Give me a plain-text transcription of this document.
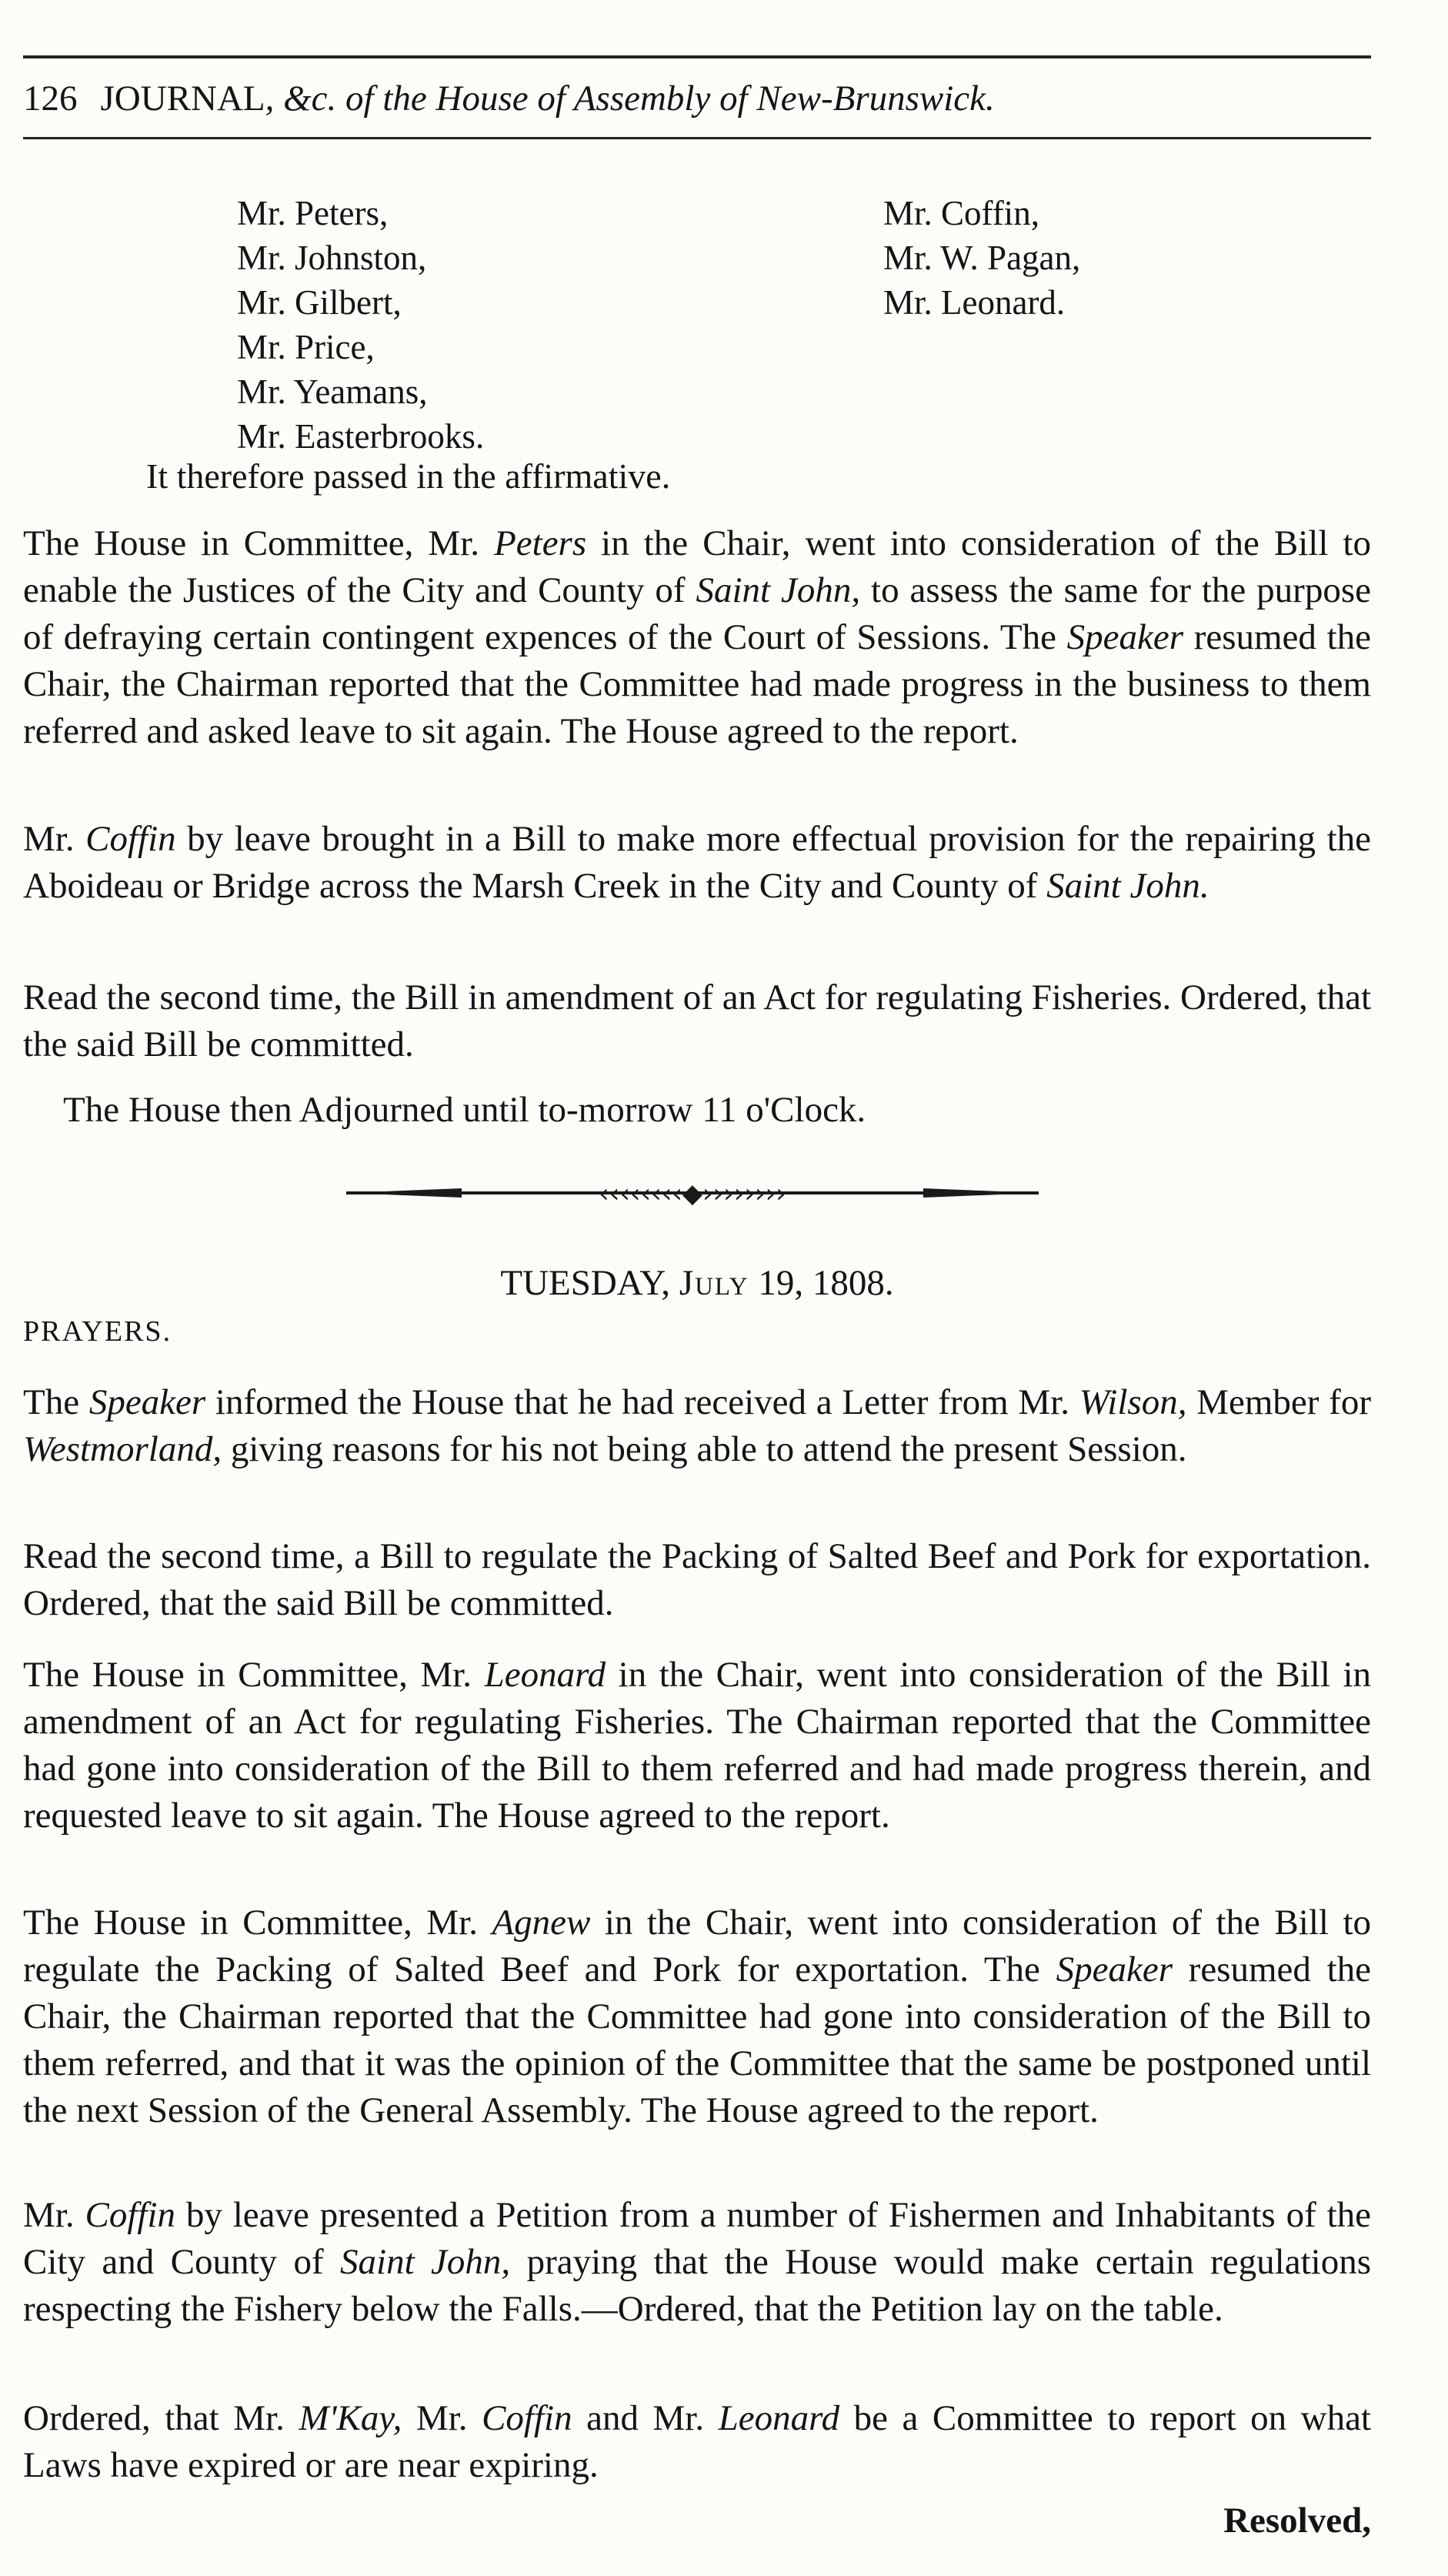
126 JOURNAL, &c. of the House of Assembly of New-Brunswick.
Mr. Peters,
Mr. Johnston,
Mr. Gilbert,
Mr. Price,
Mr. Yeamans,
Mr. Easterbrooks.
Mr. Coffin,
Mr. W. Pagan,
Mr. Leonard.
It therefore passed in the affirmative.
The House in Committee, Mr. Peters in the Chair, went into consideration of the Bill to enable the Justices of the City and County of Saint John, to assess the same for the purpose of defraying certain contingent expences of the Court of Sessions. The Speaker resumed the Chair, the Chairman reported that the Committee had made progress in the business to them referred and asked leave to sit again. The House agreed to the report.
Mr. Coffin by leave brought in a Bill to make more effectual provision for the repairing the Aboideau or Bridge across the Marsh Creek in the City and County of Saint John.
Read the second time, the Bill in amendment of an Act for regulating Fisheries. Ordered, that the said Bill be committed.
The House then Adjourned until to-morrow 11 o'Clock.
‹‹‹‹‹‹‹‹◆››››››››
TUESDAY, July 19, 1808.
PRAYERS.
The Speaker informed the House that he had received a Letter from Mr. Wilson, Member for Westmorland, giving reasons for his not being able to attend the present Session.
Read the second time, a Bill to regulate the Packing of Salted Beef and Pork for exportation. Ordered, that the said Bill be committed.
The House in Committee, Mr. Leonard in the Chair, went into consideration of the Bill in amendment of an Act for regulating Fisheries. The Chairman reported that the Committee had gone into consideration of the Bill to them referred and had made progress therein, and requested leave to sit again. The House agreed to the report.
The House in Committee, Mr. Agnew in the Chair, went into consideration of the Bill to regulate the Packing of Salted Beef and Pork for exportation. The Speaker resumed the Chair, the Chairman reported that the Committee had gone into consideration of the Bill to them referred, and that it was the opinion of the Committee that the same be postponed until the next Session of the General Assembly. The House agreed to the report.
Mr. Coffin by leave presented a Petition from a number of Fishermen and Inhabitants of the City and County of Saint John, praying that the House would make certain regulations respecting the Fishery below the Falls.—Ordered, that the Petition lay on the table.
Ordered, that Mr. M'Kay, Mr. Coffin and Mr. Leonard be a Committee to report on what Laws have expired or are near expiring.
Resolved,
